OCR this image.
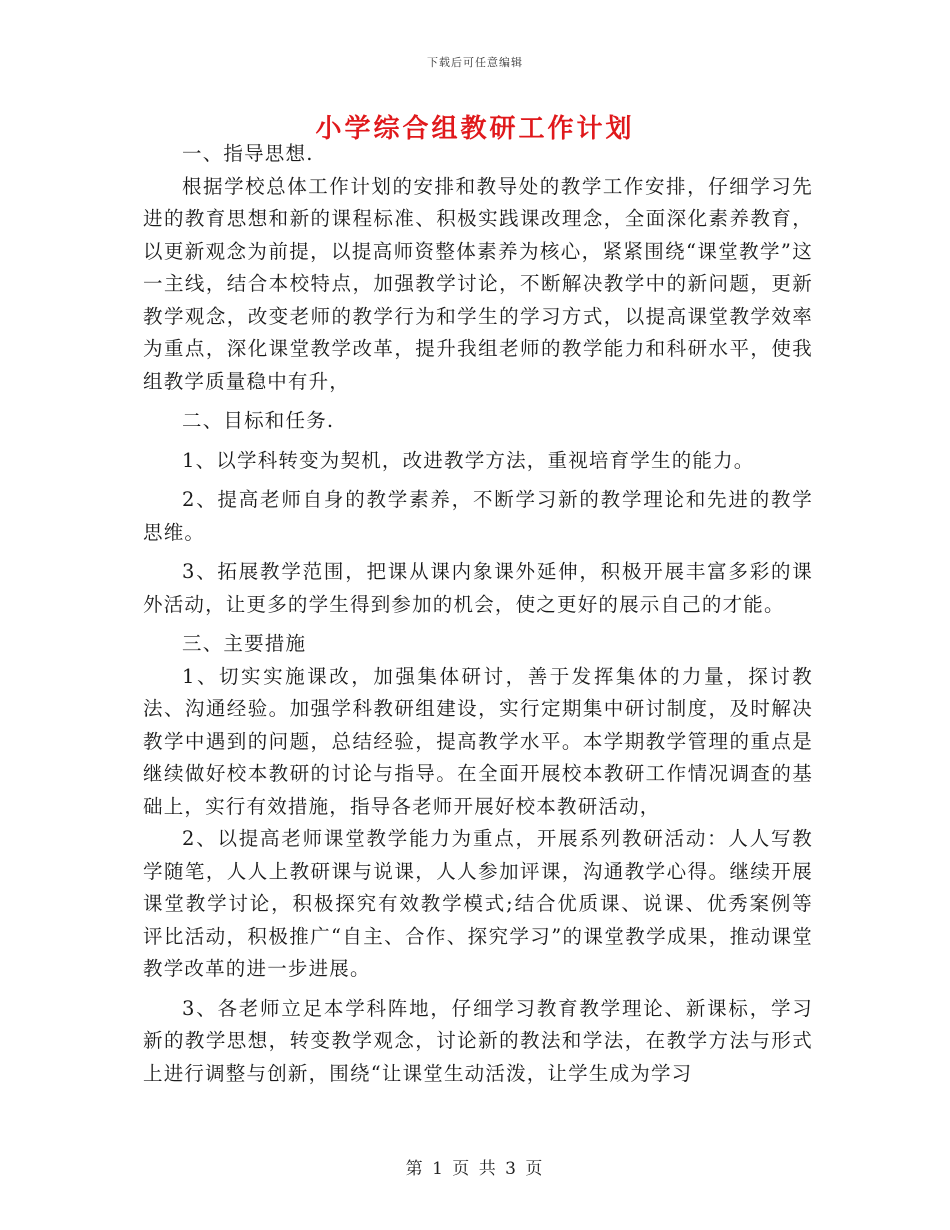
下载后可任意编辑
小学综合组教研工作计划

一、指导思想.

根据学校总体工作计划的安排和教导处的教学工作安排，仔细学习先进的教育思想和新的课程标准、积极实践课改理念，全面深化素养教育，以更新观念为前提，以提高师资整体素养为核心，紧紧围绕“课堂教学”这一主线，结合本校特点，加强教学讨论，不断解决教学中的新问题，更新教学观念，改变老师的教学行为和学生的学习方式，以提高课堂教学效率为重点，深化课堂教学改革，提升我组老师的教学能力和科研水平，使我组教学质量稳中有升，

二、目标和任务.

1、以学科转变为契机，改进教学方法，重视培育学生的能力。

2、提高老师自身的教学素养，不断学习新的教学理论和先进的教学思维。

3、拓展教学范围，把课从课内象课外延伸，积极开展丰富多彩的课外活动，让更多的学生得到参加的机会，使之更好的展示自己的才能。

三、主要措施

1、切实实施课改，加强集体研讨，善于发挥集体的力量，探讨教法、沟通经验。加强学科教研组建设，实行定期集中研讨制度，及时解决教学中遇到的问题，总结经验，提高教学水平。本学期教学管理的重点是继续做好校本教研的讨论与指导。在全面开展校本教研工作情况调查的基础上，实行有效措施，指导各老师开展好校本教研活动，

2、以提高老师课堂教学能力为重点，开展系列教研活动：人人写教学随笔，人人上教研课与说课，人人参加评课，沟通教学心得。继续开展课堂教学讨论，积极探究有效教学模式;结合优质课、说课、优秀案例等评比活动，积极推广“自主、合作、探究学习”的课堂教学成果，推动课堂教学改革的进一步进展。

3、各老师立足本学科阵地，仔细学习教育教学理论、新课标，学习新的教学思想，转变教学观念，讨论新的教法和学法，在教学方法与形式上进行调整与创新，围绕“让课堂生动活泼，让学生成为学习

第 1 页 共 3 页
